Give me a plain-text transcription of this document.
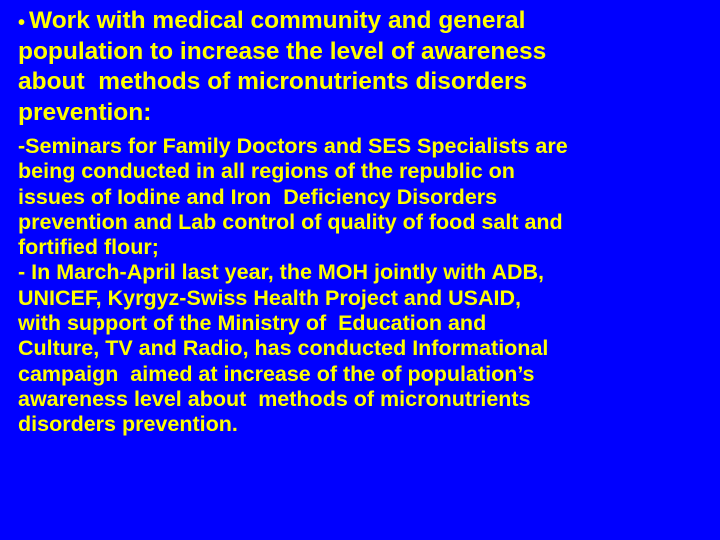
• Work with medical community and general
population to increase the level of awareness
about  methods of micronutrients disorders
prevention:
-Seminars for Family Doctors and SES Specialists are
being conducted in all regions of the republic on
issues of Iodine and Iron  Deficiency Disorders
prevention and Lab control of quality of food salt and
fortified flour;
- In March-April last year, the MOH jointly with ADB,
UNICEF, Kyrgyz-Swiss Health Project and USAID,
with support of the Ministry of  Education and
Culture, TV and Radio, has conducted Informational
campaign  aimed at increase of the of population’s
awareness level about  methods of micronutrients
disorders prevention.
